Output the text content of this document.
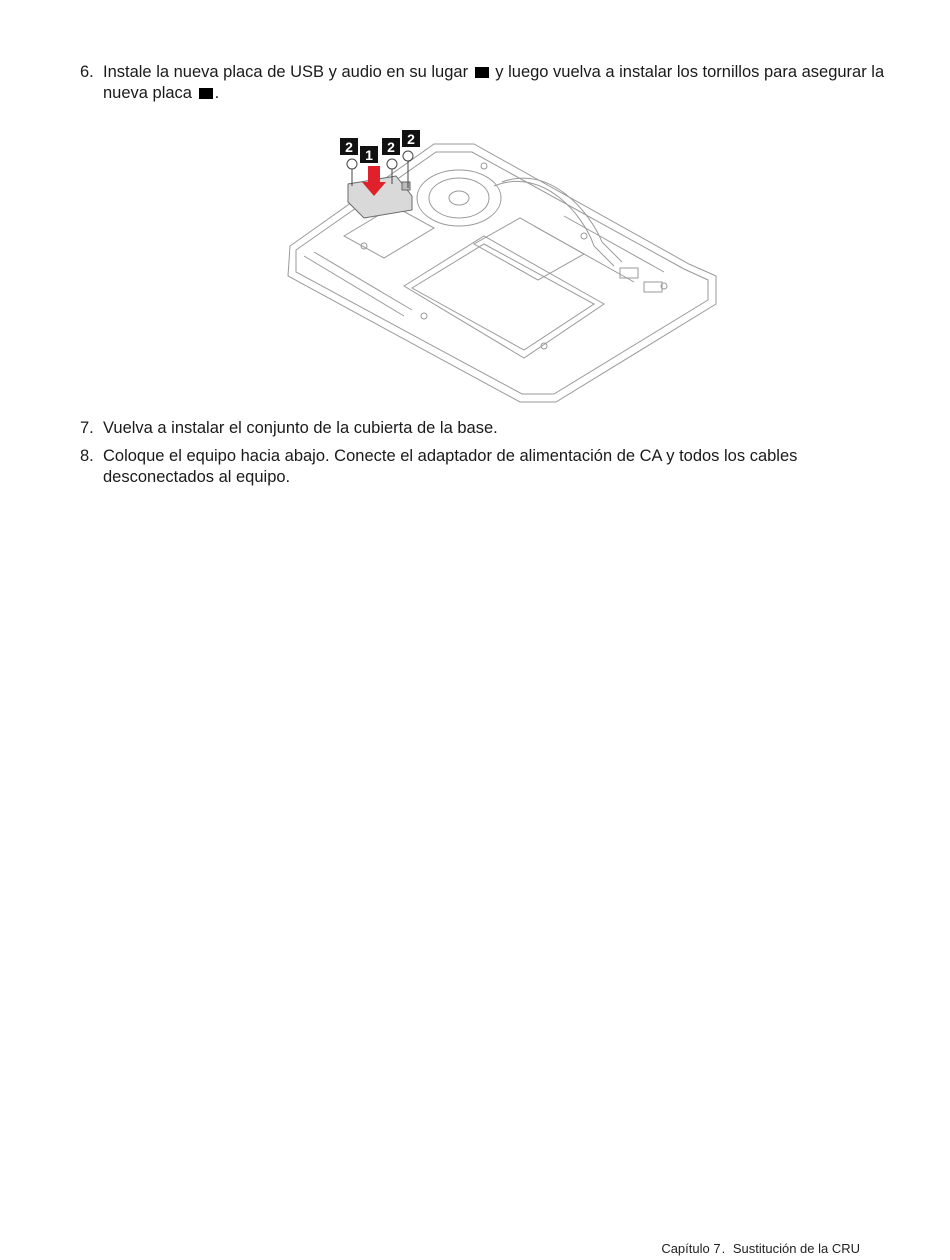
6. Instale la nueva placa de USB y audio en su lugar y luego vuelva a instalar los tornillos para asegurar la nueva placa .
2 1 2 2
7. Vuelva a instalar el conjunto de la cubierta de la base.
8. Coloque el equipo hacia abajo. Conecte el adaptador de alimentación de CA y todos los cables desconectados al equipo.
Capítulo 7. Sustitución de la CRU
